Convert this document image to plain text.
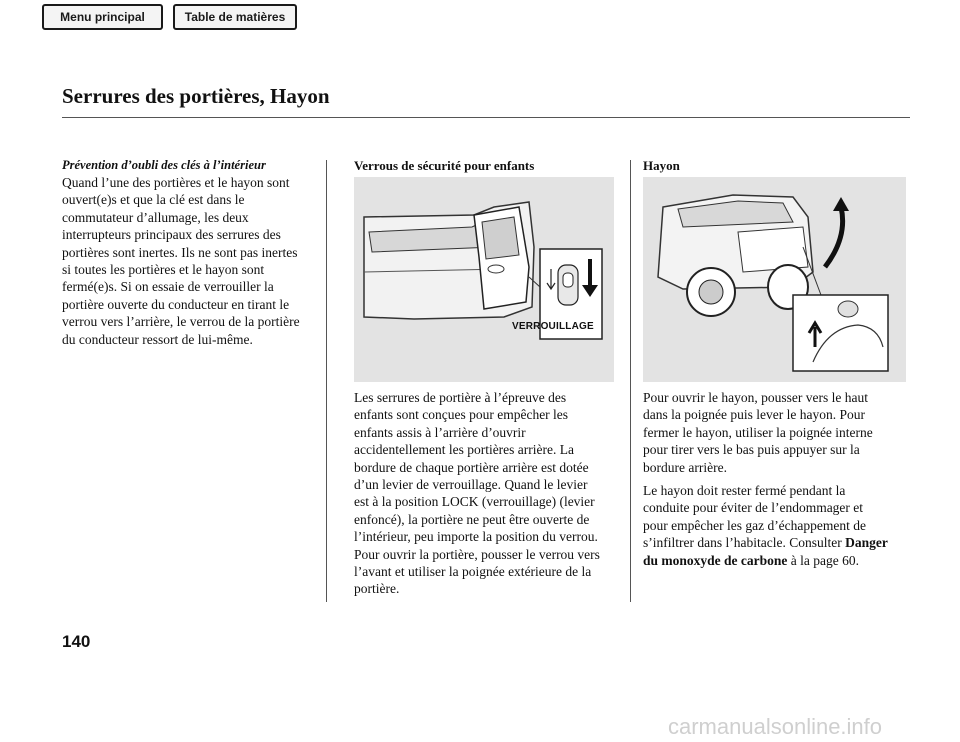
Menu principal	Table de matières
Serrures des portières, Hayon
Prévention d’oubli des clés à l’intérieur
Quand l’une des portières et le hayon sont
ouvert(e)s et que la clé est dans le
commutateur d’allumage, les deux
interrupteurs principaux des serrures des
portières sont inertes. Ils ne sont pas inertes
si toutes les portières et le hayon sont
fermé(e)s. Si on essaie de verrouiller la
portière ouverte du conducteur en tirant le
verrou vers l’arrière, le verrou de la portière
du conducteur ressort de lui-même.
Verrous de sécurité pour enfants
VERROUILLAGE
Les serrures de portière à l’épreuve des
enfants sont conçues pour empêcher les
enfants assis à l’arrière d’ouvrir
accidentellement les portières arrière. La
bordure de chaque portière arrière est dotée
d’un levier de verrouillage. Quand le levier
est à la position LOCK (verrouillage) (levier
enfoncé), la portière ne peut être ouverte de
l’intérieur, peu importe la position du verrou.
Pour ouvrir la portière, pousser le verrou vers
l’avant et utiliser la poignée extérieure de la
portière.
Hayon
Pour ouvrir le hayon, pousser vers le haut
dans la poignée puis lever le hayon. Pour
fermer le hayon, utiliser la poignée interne
pour tirer vers le bas puis appuyer sur la
bordure arrière.
Le hayon doit rester fermé pendant la
conduite pour éviter de l’endommager et
pour empêcher les gaz d’échappement de
s’infiltrer dans l’habitacle. Consulter Danger
du monoxyde de carbone à la page 60.
140
carmanualsonline.info
